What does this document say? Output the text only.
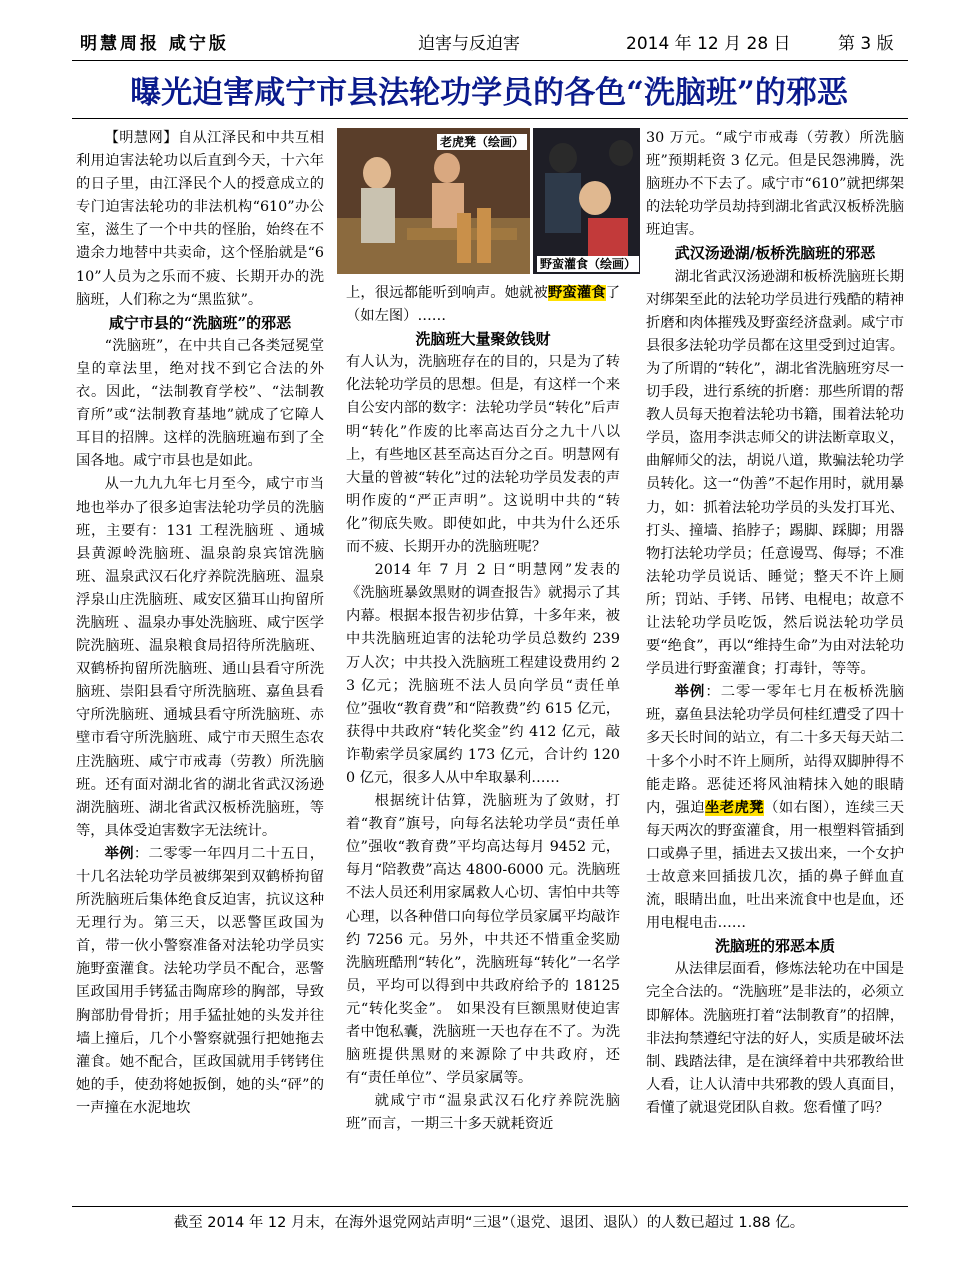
明慧周报 咸宁版	迫害与反迫害	2014 年 12 月 28 日	第 3 版
曝光迫害咸宁市县法轮功学员的各色“洗脑班”的邪恶
老虎凳（绘画）
野蛮灌食（绘画）

【明慧网】自从江泽民和中共互相利用迫害法轮功以后直到今天，十六年的日子里，由江泽民个人的授意成立的专门迫害法轮功的非法机构“610”办公室，滋生了一个中共的怪胎，始终在不遗余力地替中共卖命，这个怪胎就是“610”人员为之乐而不疲、长期开办的洗脑班，人们称之为“黑监狱”。

咸宁市县的“洗脑班”的邪恶

“洗脑班”，在中共自己各类冠冕堂皇的章法里，绝对找不到它合法的外衣。因此，“法制教育学校”、“法制教育所”或“法制教育基地”就成了它障人耳目的招牌。这样的洗脑班遍布到了全国各地。咸宁市县也是如此。

从一九九九年七月至今，咸宁市当地也举办了很多迫害法轮功学员的洗脑班，主要有：131 工程洗脑班 、通城县黄源岭洗脑班、温泉韵泉宾馆洗脑班、温泉武汉石化疗养院洗脑班、温泉浮泉山庄洗脑班、咸安区猫耳山拘留所洗脑班 、温泉办事处洗脑班、咸宁医学院洗脑班、温泉粮食局招待所洗脑班、双鹤桥拘留所洗脑班、通山县看守所洗脑班、崇阳县看守所洗脑班、嘉鱼县看守所洗脑班、通城县看守所洗脑班、赤壁市看守所洗脑班、咸宁市天照生态农庄洗脑班、咸宁市戒毒（劳教）所洗脑班。还有面对湖北省的湖北省武汉汤逊湖洗脑班、湖北省武汉板桥洗脑班，等等，具体受迫害数字无法统计。

举例：二零零一年四月二十五日，十几名法轮功学员被绑架到双鹤桥拘留所洗脑班后集体绝食反迫害，抗议这种无理行为。第三天，以恶警匡政国为首，带一伙小警察准备对法轮功学员实施野蛮灌食。法轮功学员不配合，恶警匡政国用手铐猛击陶席珍的胸部，导致胸部肋骨骨折；用手猛扯她的头发并往墙上撞后，几个小警察就强行把她拖去灌食。她不配合，匡政国就用手铐铐住她的手，使劲将她扳倒，她的头“砰”的一声撞在水泥地坎

上，很远都能听到响声。她就被野蛮灌食了（如左图）……

洗脑班大量聚敛钱财

有人认为，洗脑班存在的目的，只是为了转化法轮功学员的思想。但是，有这样一个来自公安内部的数字：法轮功学员“转化”后声明“转化”作废的比率高达百分之九十八以上，有些地区甚至高达百分之百。明慧网有大量的曾被“转化”过的法轮功学员发表的声明作废的“严正声明”。这说明中共的“转化”彻底失败。即使如此，中共为什么还乐而不疲、长期开办的洗脑班呢？

2014 年 7 月 2 日“明慧网”发表的《洗脑班暴敛黑财的调查报告》就揭示了其内幕。根据本报告初步估算，十多年来，被中共洗脑班迫害的法轮功学员总数约 239 万人次；中共投入洗脑班工程建设费用约 23 亿元；洗脑班不法人员向学员“责任单位”强收“教育费”和“陪教费”约 615 亿元，获得中共政府“转化奖金”约 412 亿元，敲诈勒索学员家属约 173 亿元，合计约 1200 亿元，很多人从中牟取暴利……

根据统计估算，洗脑班为了敛财，打着“教育”旗号，向每名法轮功学员“责任单位”强收“教育费”平均高达每月 9452 元，每月“陪教费”高达 4800-6000 元。洗脑班不法人员还利用家属救人心切、害怕中共等心理，以各种借口向每位学员家属平均敲诈约 7256 元。另外，中共还不惜重金奖励洗脑班酷刑“转化”，洗脑班每“转化”一名学员，平均可以得到中共政府给予的 18125 元“转化奖金”。 如果没有巨额黑财使迫害者中饱私囊，洗脑班一天也存在不了。为洗脑班提供黑财的来源除了中共政府，还有“责任单位”、学员家属等。

就咸宁市“温泉武汉石化疗养院洗脑班”而言，一期三十多天就耗资近

30 万元。“咸宁市戒毒（劳教）所洗脑班”预期耗资 3 亿元。但是民怨沸腾，洗脑班办不下去了。咸宁市“610”就把绑架的法轮功学员劫持到湖北省武汉板桥洗脑班迫害。

武汉汤逊湖/板桥洗脑班的邪恶

湖北省武汉汤逊湖和板桥洗脑班长期对绑架至此的法轮功学员进行残酷的精神折磨和肉体摧残及野蛮经济盘剥。咸宁市县很多法轮功学员都在这里受到过迫害。为了所谓的“转化”，湖北省洗脑班穷尽一切手段，进行系统的折磨：那些所谓的帮教人员每天抱着法轮功书籍，围着法轮功学员，盗用李洪志师父的讲法断章取义，曲解师父的法，胡说八道，欺骗法轮功学员转化。这一“伪善”不起作用时，就用暴力，如：抓着法轮功学员的头发打耳光、打头、撞墙、掐脖子；踢脚、踩脚；用器物打法轮功学员；任意谩骂、侮辱；不准法轮功学员说话、睡觉；整天不许上厕所；罚站、手铐、吊铐、电棍电；故意不让法轮功学员吃饭，然后说法轮功学员要“绝食”，再以“维持生命”为由对法轮功学员进行野蛮灌食；打毒针，等等。

举例：二零一零年七月在板桥洗脑班，嘉鱼县法轮功学员何桂红遭受了四十多天长时间的站立，有二十多天每天站二十多个小时不许上厕所，站得双脚肿得不能走路。恶徒还将风油精抹入她的眼睛内，强迫坐老虎凳（如右图），连续三天每天两次的野蛮灌食，用一根塑料管插到口或鼻子里，插进去又拔出来，一个女护士故意来回插拔几次，插的鼻子鲜血直流，眼睛出血，吐出来流食中也是血，还用电棍电击……

洗脑班的邪恶本质

从法律层面看，修炼法轮功在中国是完全合法的。“洗脑班”是非法的，必须立即解体。洗脑班打着“法制教育”的招牌，非法拘禁遵纪守法的好人，实质是破坏法制、践踏法律，是在演绎着中共邪教给世人看，让人认清中共邪教的毁人真面目，看懂了就退党团队自救。您看懂了吗？

截至 2014 年 12 月末，在海外退党网站声明“三退”（退党、退团、退队）的人数已超过 1.88 亿。
